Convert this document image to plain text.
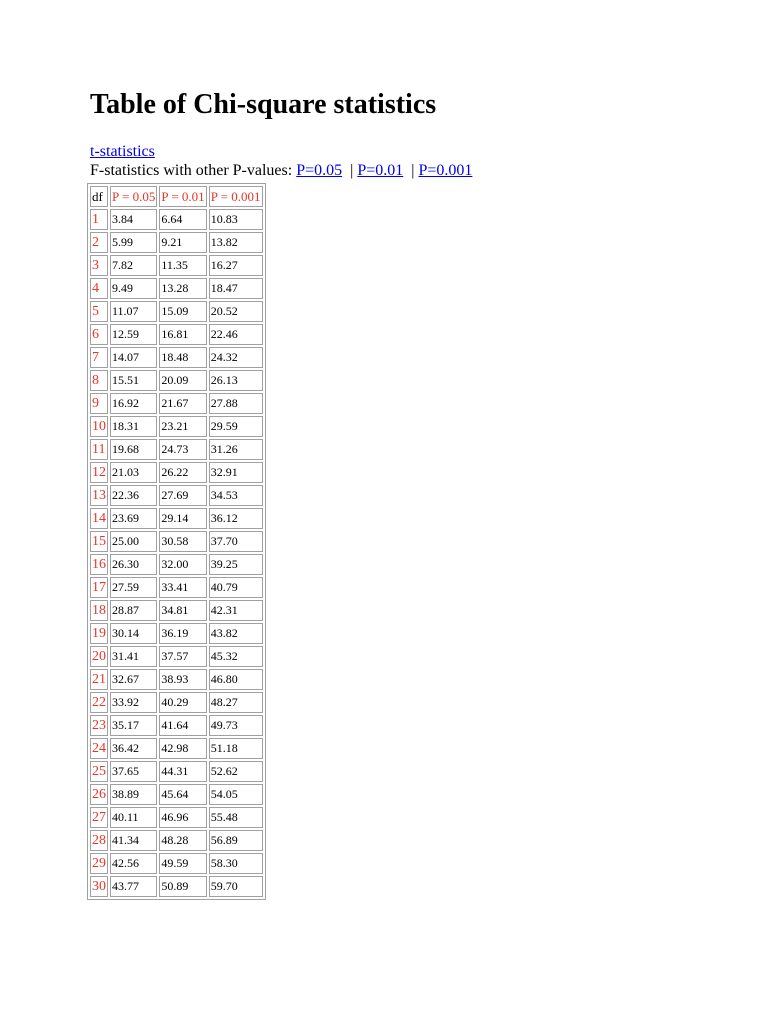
Table of Chi-square statistics
t-statistics
F-statistics with other P-values: P=0.05 | P=0.01 | P=0.001
df	P = 0.05	P = 0.01	P = 0.001
1	3.84	6.64	10.83
2	5.99	9.21	13.82
3	7.82	11.35	16.27
4	9.49	13.28	18.47
5	11.07	15.09	20.52
6	12.59	16.81	22.46
7	14.07	18.48	24.32
8	15.51	20.09	26.13
9	16.92	21.67	27.88
10	18.31	23.21	29.59
11	19.68	24.73	31.26
12	21.03	26.22	32.91
13	22.36	27.69	34.53
14	23.69	29.14	36.12
15	25.00	30.58	37.70
16	26.30	32.00	39.25
17	27.59	33.41	40.79
18	28.87	34.81	42.31
19	30.14	36.19	43.82
20	31.41	37.57	45.32
21	32.67	38.93	46.80
22	33.92	40.29	48.27
23	35.17	41.64	49.73
24	36.42	42.98	51.18
25	37.65	44.31	52.62
26	38.89	45.64	54.05
27	40.11	46.96	55.48
28	41.34	48.28	56.89
29	42.56	49.59	58.30
30	43.77	50.89	59.70
